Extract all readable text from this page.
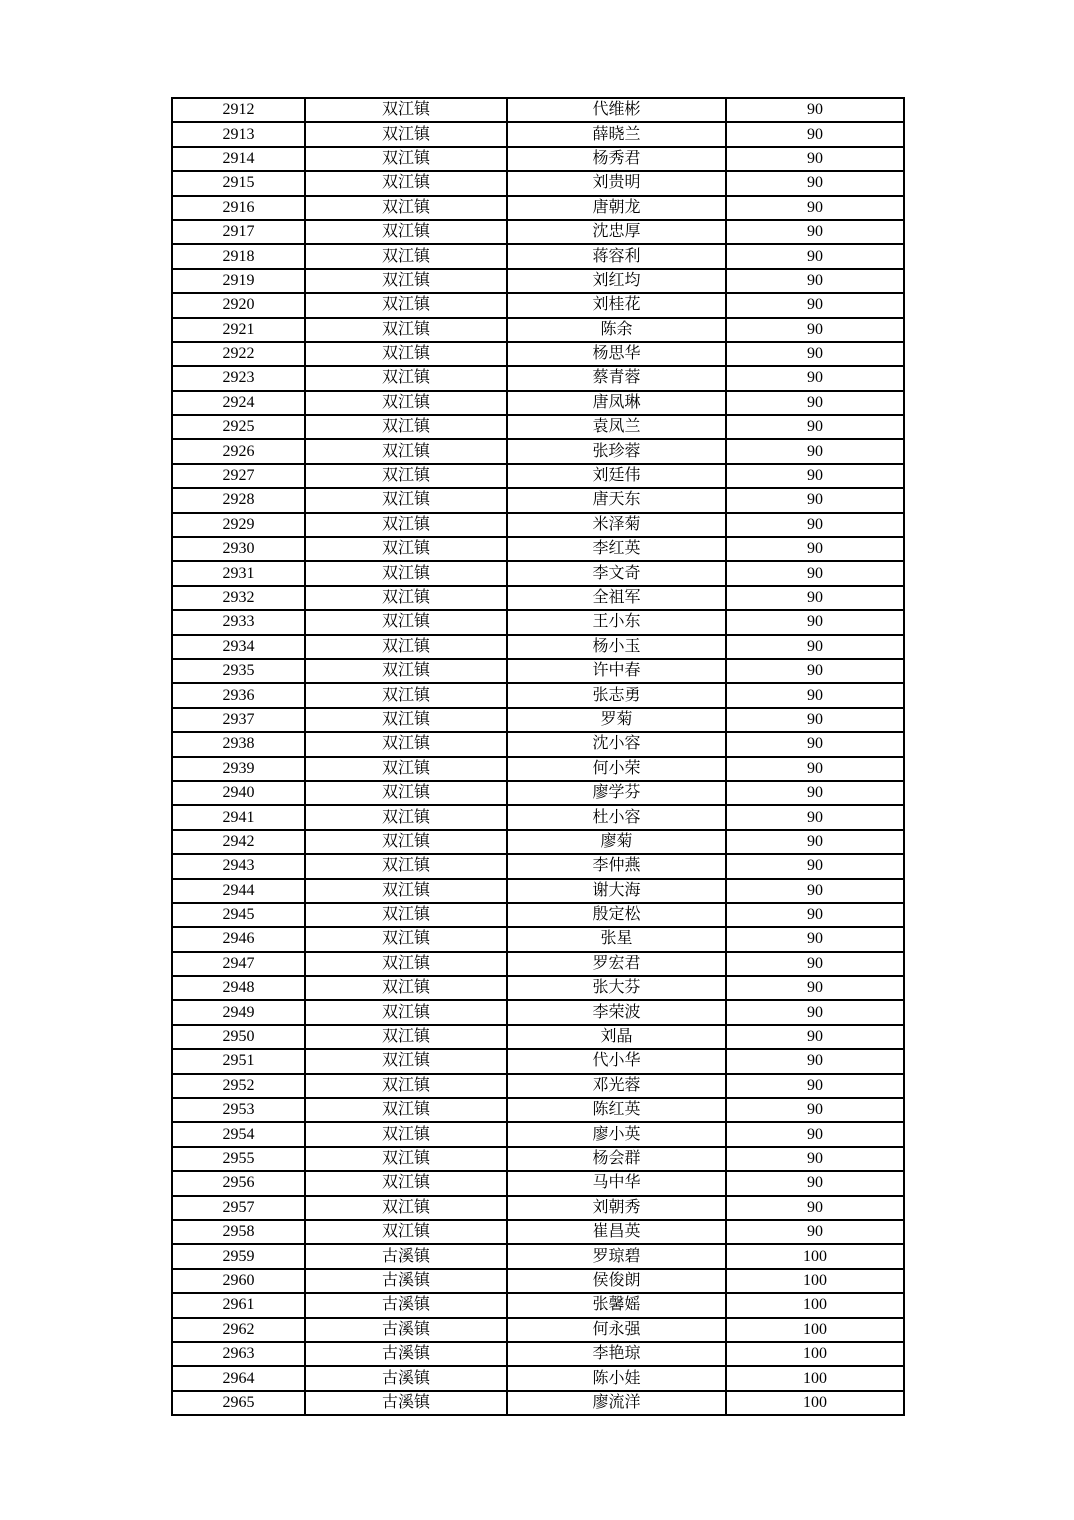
2912	双江镇	代维彬	90
2913	双江镇	薛晓兰	90
2914	双江镇	杨秀君	90
2915	双江镇	刘贵明	90
2916	双江镇	唐朝龙	90
2917	双江镇	沈忠厚	90
2918	双江镇	蒋容利	90
2919	双江镇	刘红均	90
2920	双江镇	刘桂花	90
2921	双江镇	陈余	90
2922	双江镇	杨思华	90
2923	双江镇	蔡青蓉	90
2924	双江镇	唐凤琳	90
2925	双江镇	袁凤兰	90
2926	双江镇	张珍蓉	90
2927	双江镇	刘廷伟	90
2928	双江镇	唐天东	90
2929	双江镇	米泽菊	90
2930	双江镇	李红英	90
2931	双江镇	李文奇	90
2932	双江镇	全祖军	90
2933	双江镇	王小东	90
2934	双江镇	杨小玉	90
2935	双江镇	许中春	90
2936	双江镇	张志勇	90
2937	双江镇	罗菊	90
2938	双江镇	沈小容	90
2939	双江镇	何小荣	90
2940	双江镇	廖学芬	90
2941	双江镇	杜小容	90
2942	双江镇	廖菊	90
2943	双江镇	李仲燕	90
2944	双江镇	谢大海	90
2945	双江镇	殷定松	90
2946	双江镇	张星	90
2947	双江镇	罗宏君	90
2948	双江镇	张大芬	90
2949	双江镇	李荣波	90
2950	双江镇	刘晶	90
2951	双江镇	代小华	90
2952	双江镇	邓光蓉	90
2953	双江镇	陈红英	90
2954	双江镇	廖小英	90
2955	双江镇	杨会群	90
2956	双江镇	马中华	90
2957	双江镇	刘朝秀	90
2958	双江镇	崔昌英	90
2959	古溪镇	罗琼碧	100
2960	古溪镇	侯俊朗	100
2961	古溪镇	张馨媱	100
2962	古溪镇	何永强	100
2963	古溪镇	李艳琼	100
2964	古溪镇	陈小娃	100
2965	古溪镇	廖流洋	100
